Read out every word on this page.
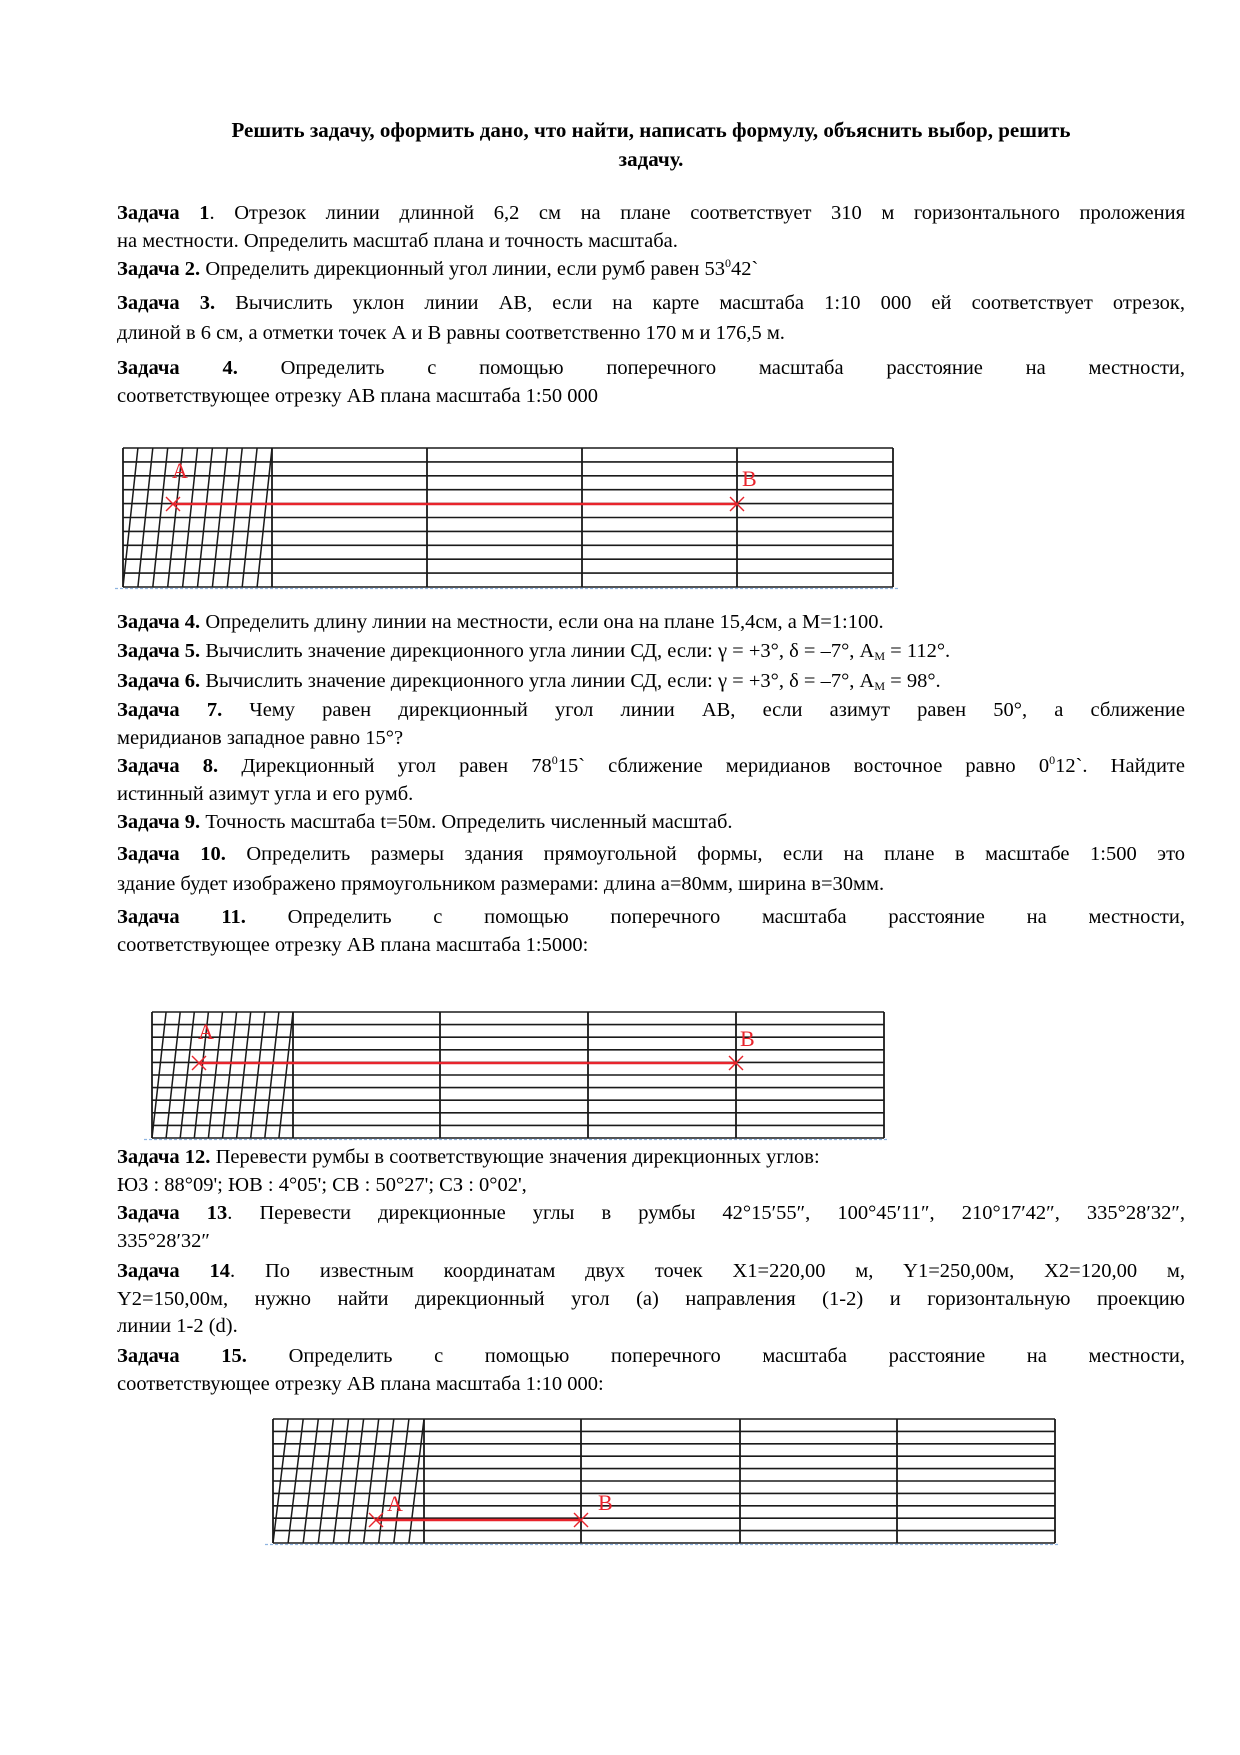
Решить задачу, оформить дано, что найти, написать формулу, объяснить выбор, решить
задачу.
Задача 1. Отрезок линии длинной 6,2 см на плане соответствует 310 м горизонтального проложения
на местности. Определить масштаб плана и точность масштаба.
Задача 2. Определить дирекционный угол линии, если румб равен $53^042`$
Задача 3. Вычислить уклон линии АВ, если на карте масштаба 1:10 000 ей соответствует отрезок,
длиной в 6 см, а отметки точек А и В равны соответственно 170 м и 176,5 м.
Задача 4. Определить с помощью поперечного масштаба расстояние на местности,
соответствующее отрезку АВ плана масштаба 1:50 000
Задача 4. Определить длину линии на местности, если она на плане 15,4см, а М=1:100.
Задача 5. Вычислить значение дирекционного угла линии СД, если: γ = +3°, δ = –7°, $А_М = 112^\circ$.
Задача 6. Вычислить значение дирекционного угла линии СД, если: γ = +3°, δ = –7°, $А_М = 98^\circ$.
Задача 7. Чему равен дирекционный угол линии АВ, если азимут равен 50°, а сближение
меридианов западное равно 15°?
Задача 8. Дирекционный угол равен $78^015`$ сближение меридианов восточное равно $0^012`$. Найдите
истинный азимут угла и его румб.
Задача 9. Точность масштаба t=50м. Определить численный масштаб.
Задача 10. Определить размеры здания прямоугольной формы, если на плане в масштабе 1:500 это
здание будет изображено прямоугольником размерами: длина а=80мм, ширина в=30мм.
Задача 11. Определить с помощью поперечного масштаба расстояние на местности,
соответствующее отрезку АВ плана масштаба 1:5000:
Задача 12. Перевести румбы в соответствующие значения дирекционных углов:
ЮЗ : 88°09'; ЮВ : 4°05'; СВ : 50°27'; СЗ : 0°02',
Задача 13. Перевести дирекционные углы в румбы 42°15′55″, 100°45′11″, 210°17′42″, 335°28′32″,
335°28′32″
Задача 14. По известным координатам двух точек X1=220,00 м, Y1=250,00м, X2=120,00 м,
Y2=150,00м, нужно найти дирекционный угол (a) направления (1-2) и горизонтальную проекцию
линии 1-2 (d).
Задача 15. Определить с помощью поперечного масштаба расстояние на местности,
соответствующее отрезку АВ плана масштаба 1:10 000:
A	B
A	B
A	B
